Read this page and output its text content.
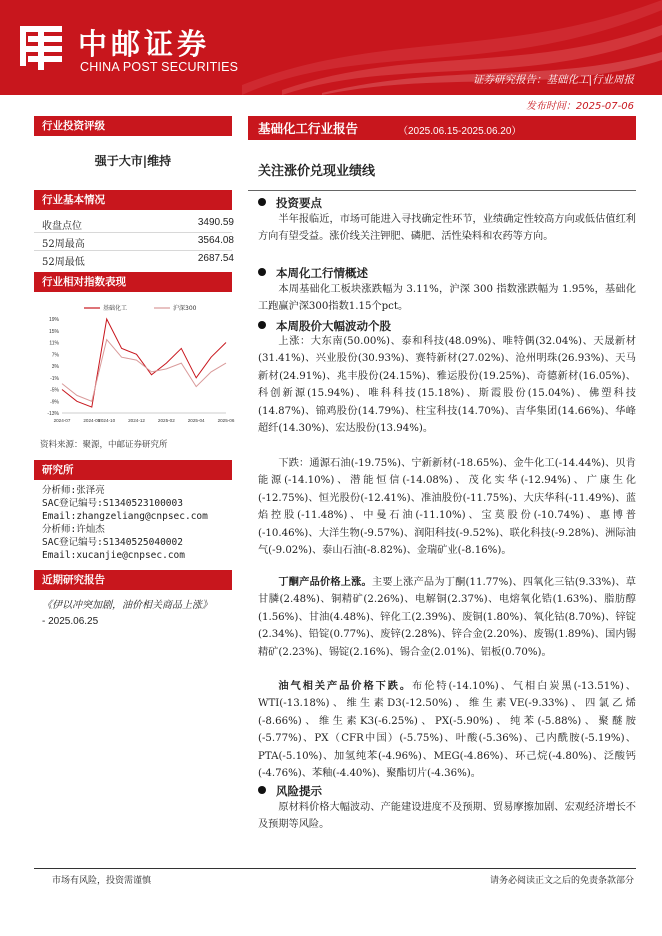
中邮证券
CHINA POST SECURITIES
证券研究报告：基础化工|行业周报
发布时间：2025-07-06
行业投资评级
强于大市|维持
行业基本情况
收盘点位	3490.59
52周最高	3564.08
52周最低	2687.54
行业相对指数表现
基础化工	沪深300
19%
15%
11%
7%
3%
-1%
-5%
-9%
-13%
2024-07	2024-09
2024-10	2024-12	2025-02	2025-04	2025-06
资料来源：聚源，中邮证券研究所
研究所
分析师:张泽亮
SAC登记编号:S1340523100003
Email:zhangzeliang@cnpsec.com
分析师:许灿杰
SAC登记编号:S1340525040002
Email:xucanjie@cnpsec.com
近期研究报告
《伊以冲突加剧，油价相关商品上涨》
- 2025.06.25
基础化工行业报告	（2025.06.15-2025.06.20）
关注涨价兑现业绩线
投资要点
半年报临近，市场可能进入寻找确定性环节，业绩确定性较高方向或低估值红利方向有望受益。涨价线关注钾肥、磷肥、活性染料和农药等方向。
本周化工行情概述
本周基础化工板块涨跌幅为 3.11%，沪深 300 指数涨跌幅为 1.95%，基础化工跑赢沪深300指数1.15个pct。
本周股价大幅波动个股
上涨：大东南(50.00%)、泰和科技(48.09%)、唯特偶(32.04%)、天晟新材(31.41%)、兴业股份(30.93%)、赛特新材(27.02%)、沧州明珠(26.93%)、天马新材(24.91%)、兆丰股份(24.15%)、雅运股份(19.25%)、奇德新材(16.05%)、科创新源(15.94%)、唯科科技(15.18%)、斯霞股份(15.04%)、佛塑科技(14.87%)、锦鸡股份(14.79%)、柱宝科技(14.70%)、吉华集团(14.66%)、华峰超纤(14.30%)、宏达股份(13.94%)。
下跌：通源石油(-19.75%)、宁新新材(-18.65%)、金牛化工(-14.44%)、贝肯能源(-14.10%)、潜能恒信(-14.08%)、茂化实华(-12.94%)、广康生化(-12.75%)、恒光股份(-12.41%)、准油股份(-11.75%)、大庆华科(-11.49%)、蓝焰控股(-11.48%)、中曼石油(-11.10%)、宝莫股份(-10.74%)、惠博普(-10.46%)、大洋生物(-9.57%)、润阳科技(-9.52%)、联化科技(-9.28%)、洲际油气(-9.02%)、泰山石油(-8.82%)、金瑞矿业(-8.16%)。
丁酮产品价格上涨。主要上涨产品为丁酮(11.77%)、四氧化三钴(9.33%)、草甘膦(2.48%)、铜精矿(2.26%)、电解铜(2.37%)、电熔氧化锆(1.63%)、脂肪醇(1.56%)、甘油(4.48%)、锌化工(2.39%)、废铜(1.80%)、氧化钴(8.70%)、锌锭(2.34%)、铅锭(0.77%)、废锌(2.28%)、锌合金(2.20%)、废锡(1.89%)、国内锡精矿(2.23%)、锡锭(2.16%)、锡合金(2.01%)、铝板(0.70%)。
油气相关产品价格下跌。布伦特(-14.10%)、气相白炭黑(-13.51%)、WTI(-13.18%)、维生素D3(-12.50%)、维生素VE(-9.33%)、四氯乙烯(-8.66%)、维生素K3(-6.25%)、PX(-5.90%)、纯苯(-5.88%)、聚醚胺(-5.77%)、PX（CFR中国）(-5.75%)、叶酸(-5.36%)、己内酰胺(-5.19%)、PTA(-5.10%)、加氢纯苯(-4.96%)、MEG(-4.86%)、环己烷(-4.80%)、泛酸钙(-4.76%)、苯釉(-4.40%)、聚酯切片(-4.36%)。
风险提示
原材料价格大幅波动、产能建设进度不及预期、贸易摩擦加剧、宏观经济增长不及预期等风险。
市场有风险，投资需谨慎	请务必阅读正文之后的免责条款部分
